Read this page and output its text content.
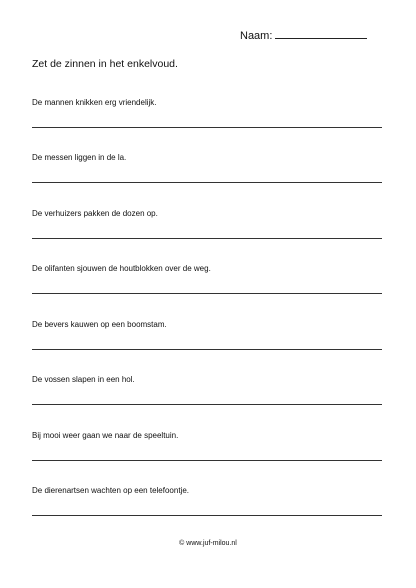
Naam:
Zet de zinnen in het enkelvoud.
De mannen knikken erg vriendelijk.
De messen liggen in de la.
De verhuizers pakken de dozen op.
De olifanten sjouwen de houtblokken over de weg.
De bevers kauwen op een boomstam.
De vossen slapen in een hol.
Bij mooi weer gaan we naar de speeltuin.
De dierenartsen wachten op een telefoontje.
© www.juf-milou.nl
